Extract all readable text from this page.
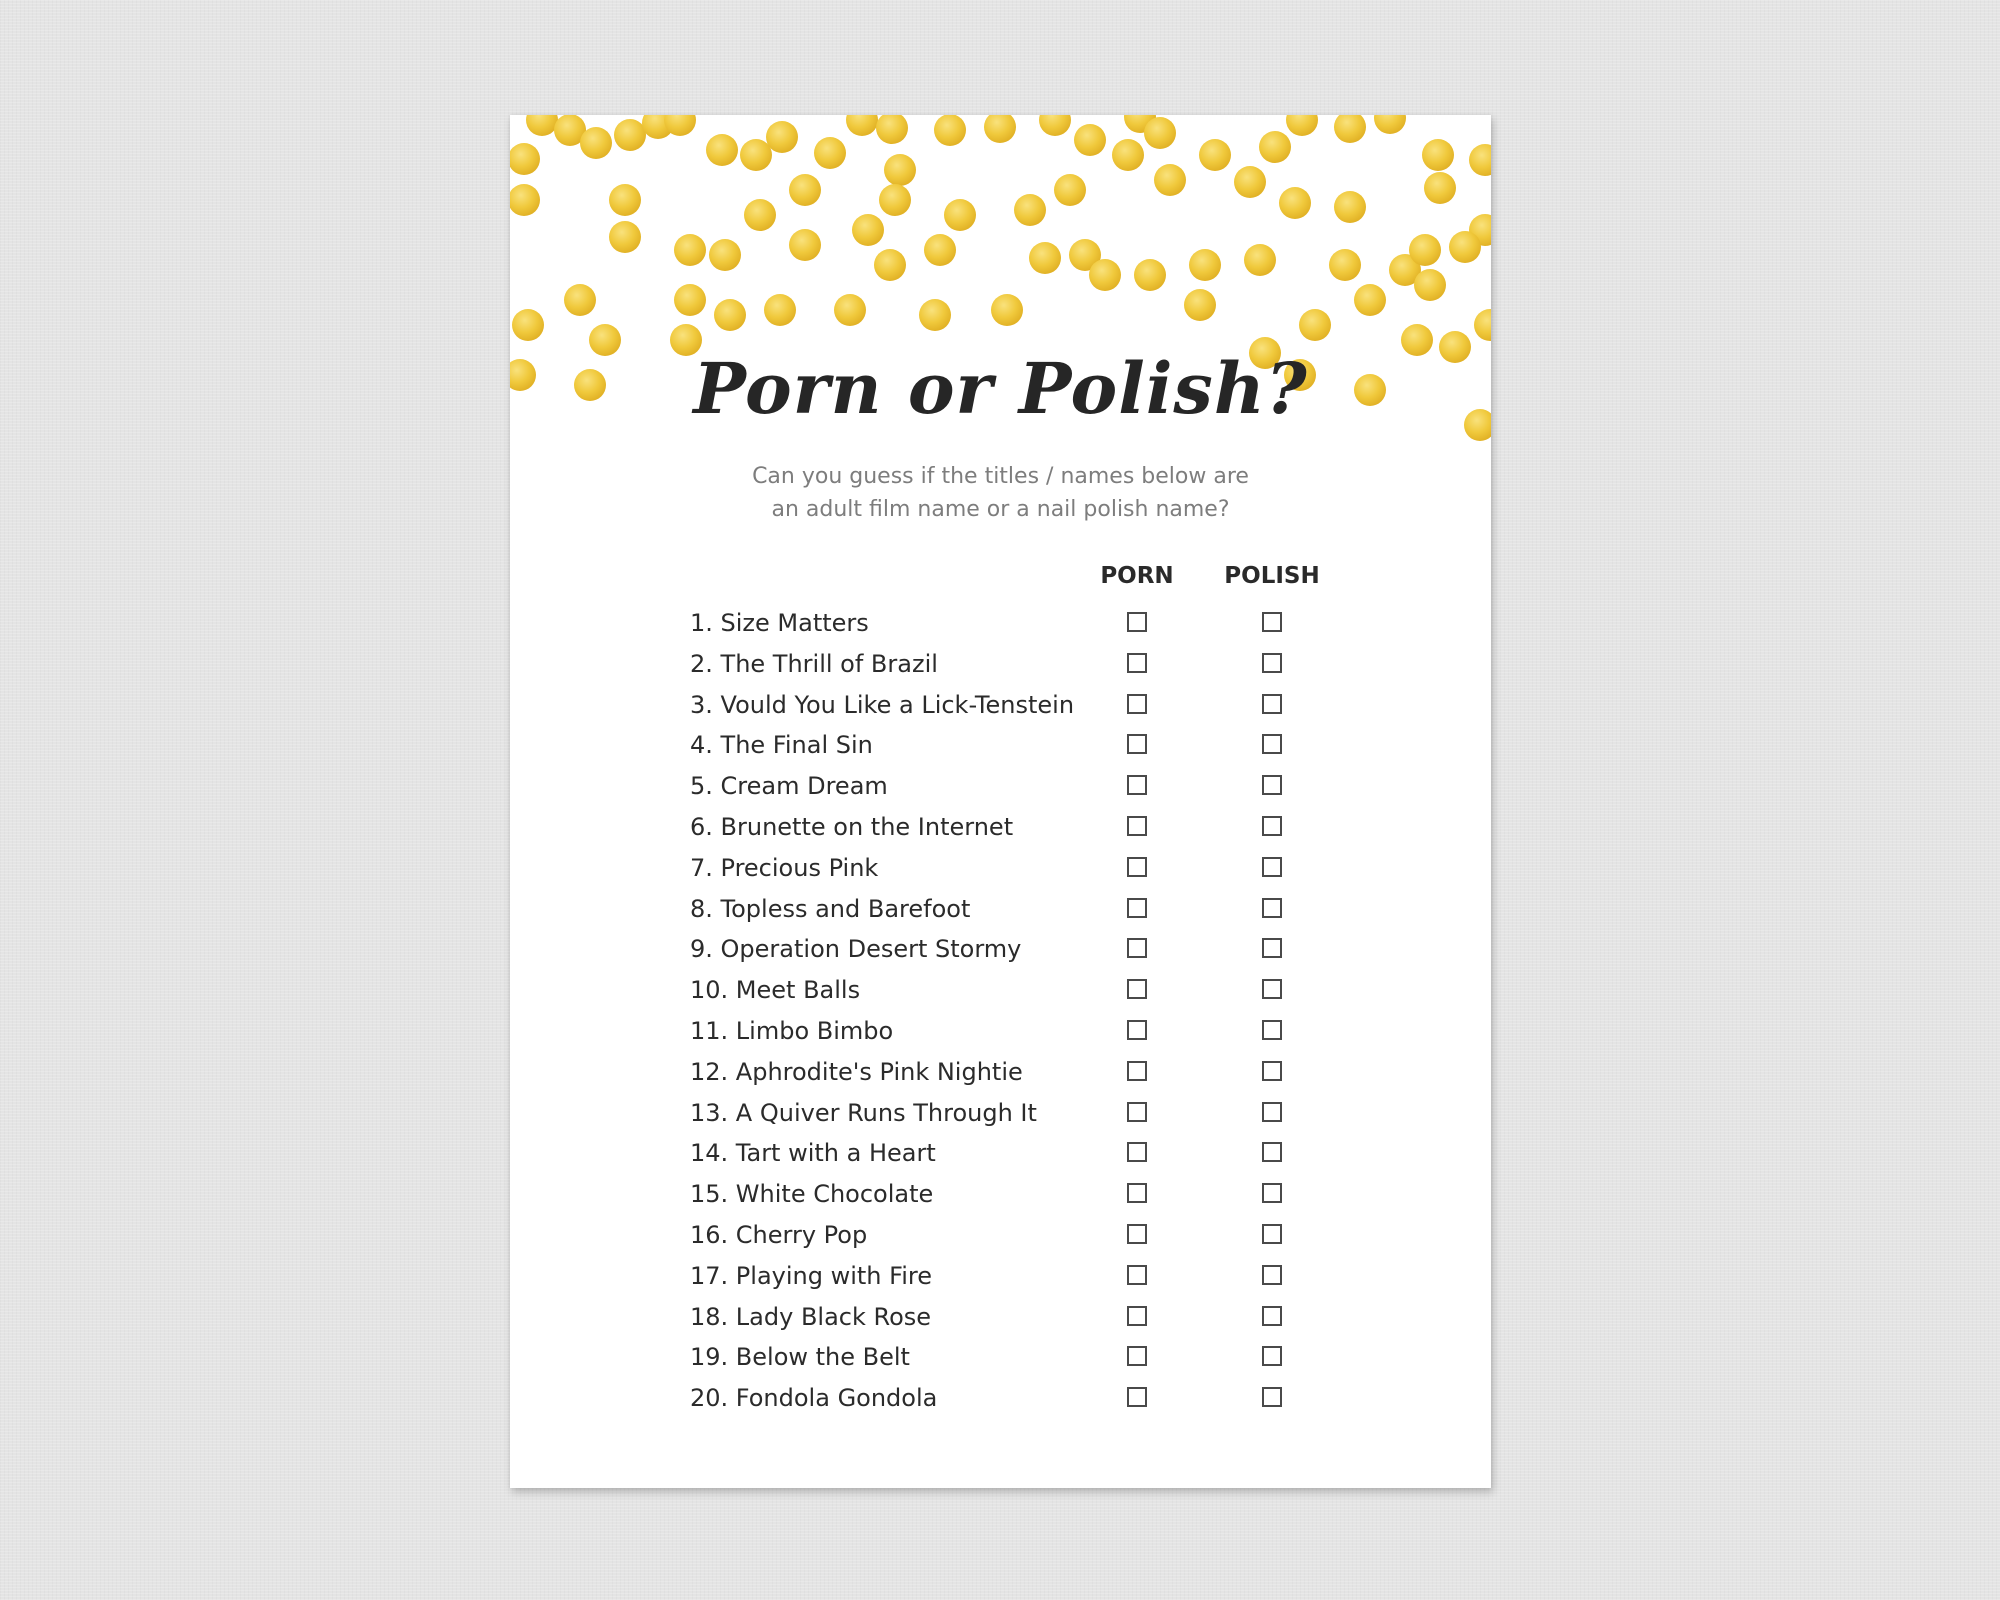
Porn or Polish?
Can you guess if the titles / names below are
an adult film name or a nail polish name?
PORN	POLISH
1. Size Matters
2. The Thrill of Brazil
3. Vould You Like a Lick-Tenstein
4. The Final Sin
5. Cream Dream
6. Brunette on the Internet
7. Precious Pink
8. Topless and Barefoot
9. Operation Desert Stormy
10. Meet Balls
11. Limbo Bimbo
12. Aphrodite's Pink Nightie
13. A Quiver Runs Through It
14. Tart with a Heart
15. White Chocolate
16. Cherry Pop
17. Playing with Fire
18. Lady Black Rose
19. Below the Belt
20. Fondola Gondola
